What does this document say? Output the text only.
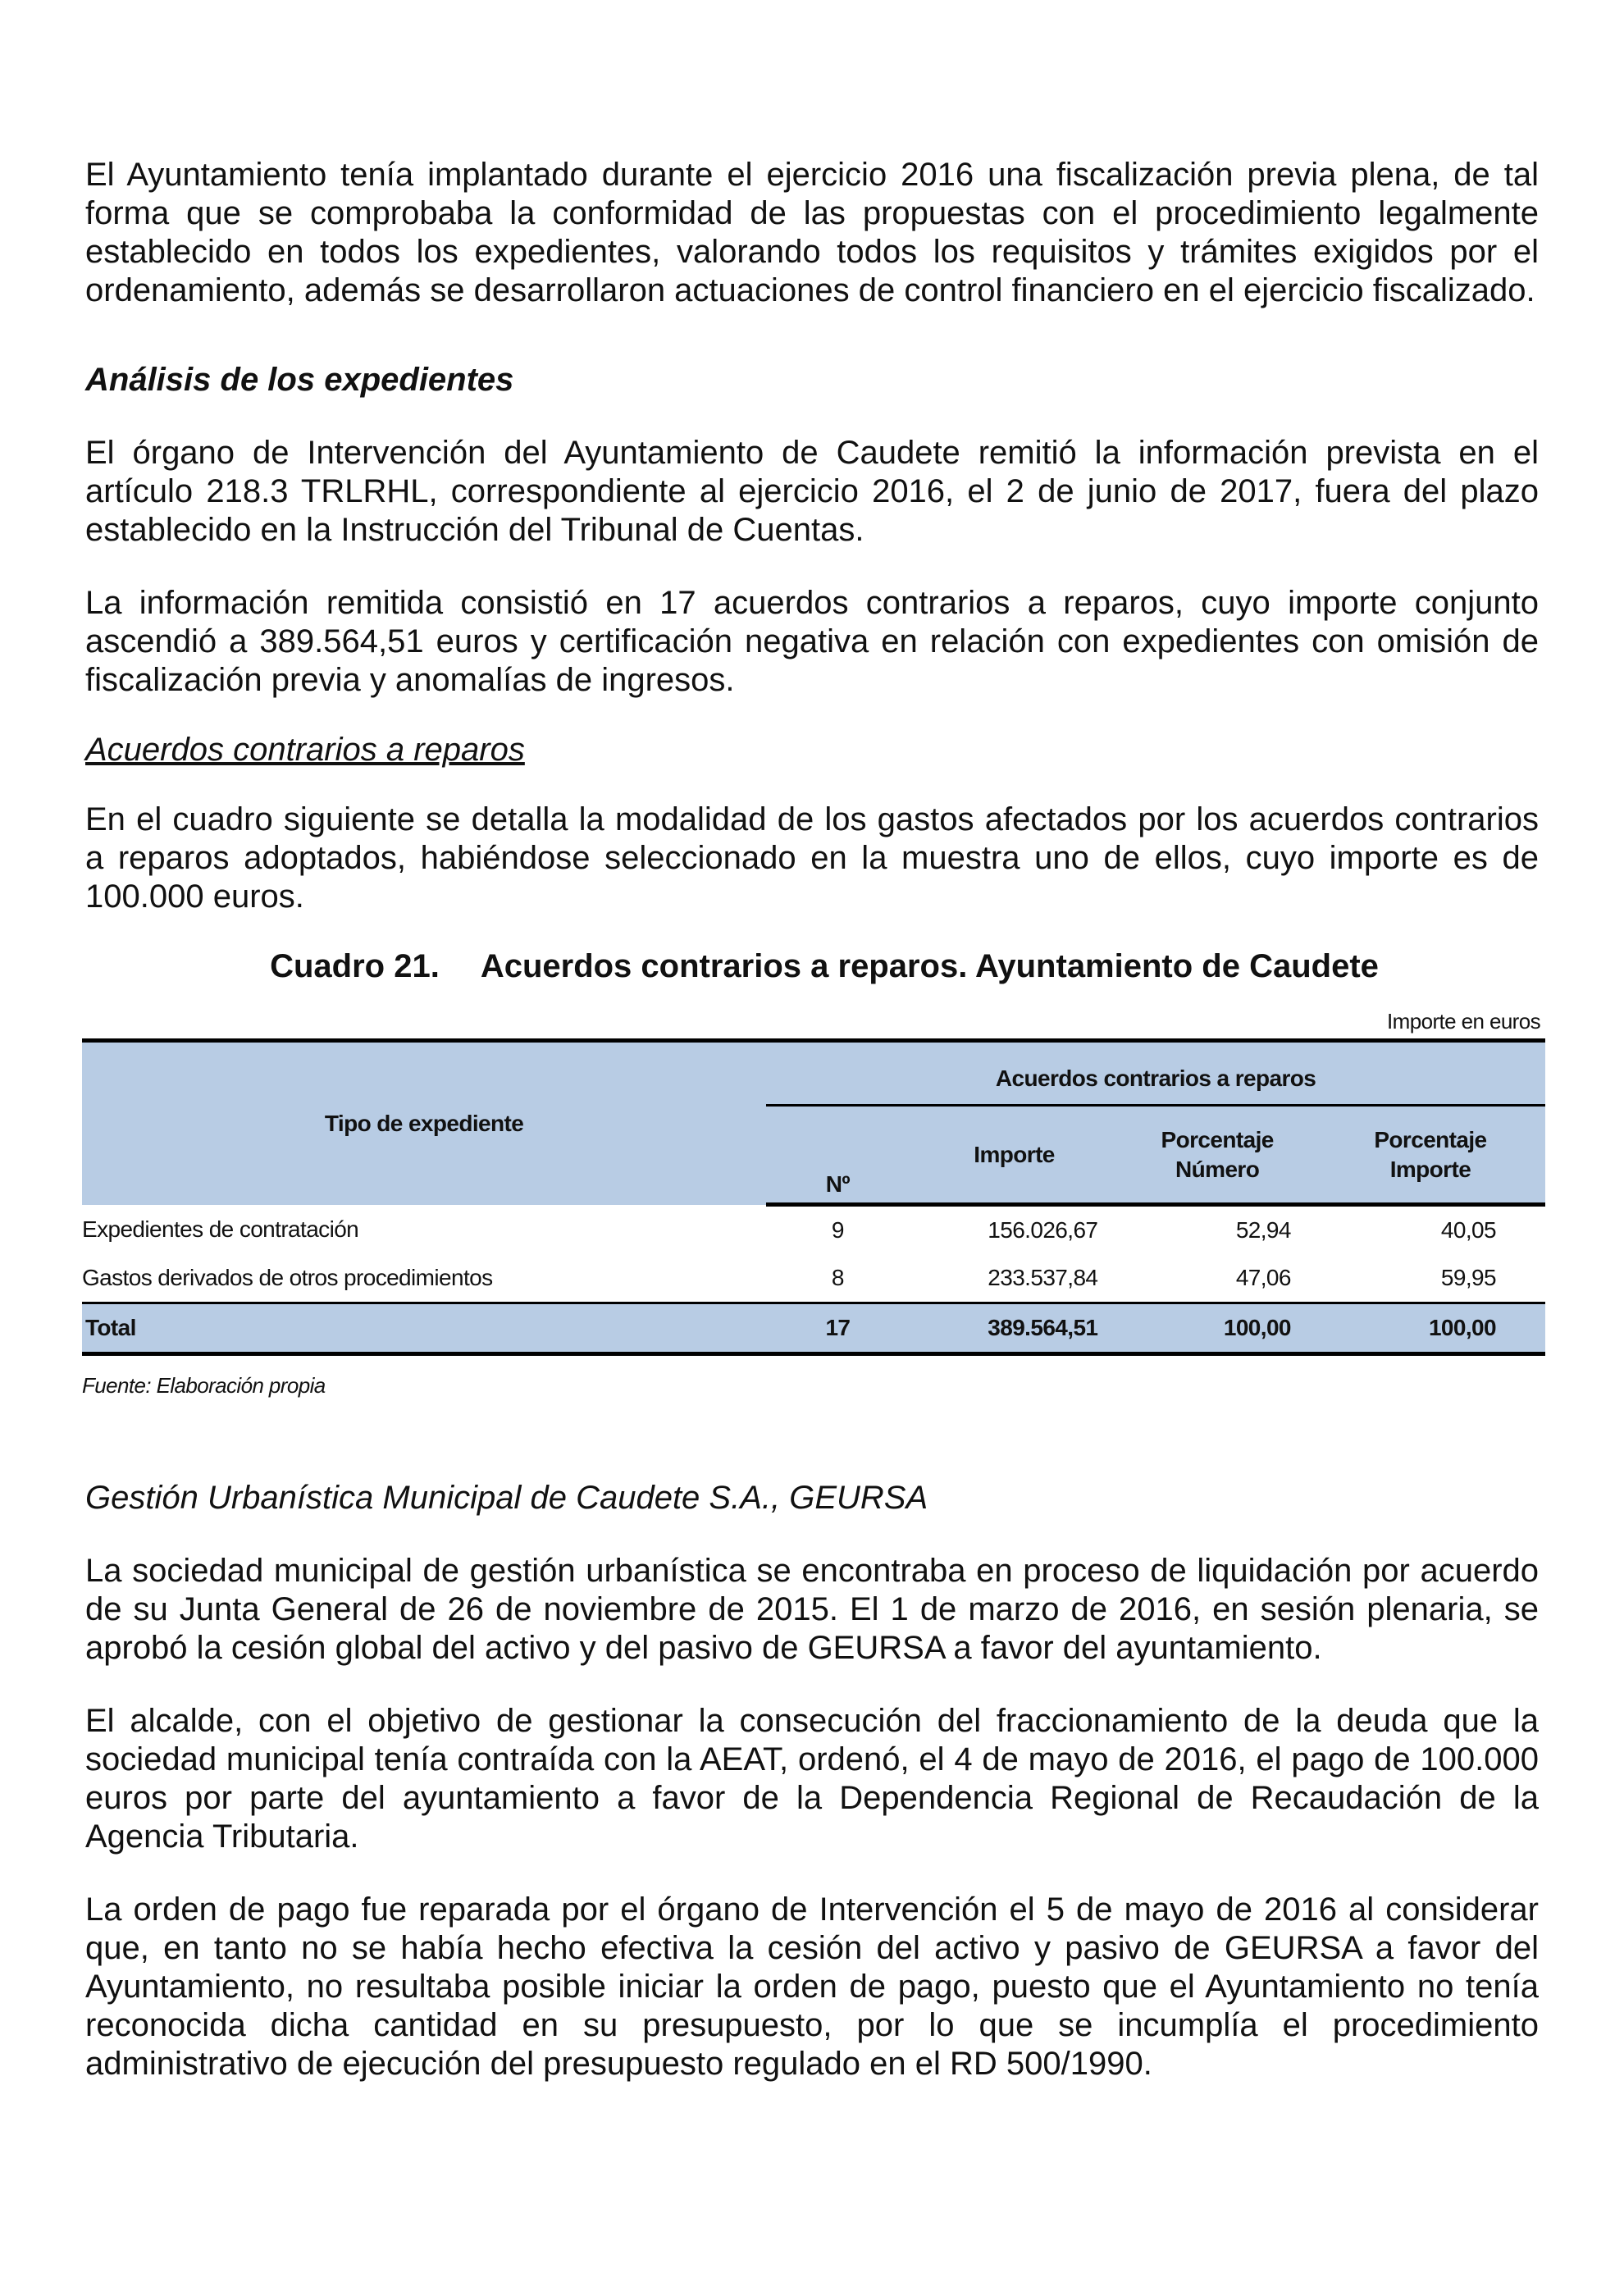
El Ayuntamiento tenía implantado durante el ejercicio 2016 una fiscalización previa plena, de tal forma que se comprobaba la conformidad de las propuestas con el procedimiento legalmente establecido en todos los expedientes, valorando todos los requisitos y trámites exigidos por el ordenamiento, además se desarrollaron actuaciones de control financiero en el ejercicio fiscalizado.

Análisis de los expedientes

El órgano de Intervención del Ayuntamiento de Caudete remitió la información prevista en el artículo 218.3 TRLRHL, correspondiente al ejercicio 2016, el 2 de junio de 2017, fuera del plazo establecido en la Instrucción del Tribunal de Cuentas.

La información remitida consistió en 17 acuerdos contrarios a reparos, cuyo importe conjunto ascendió a 389.564,51 euros y certificación negativa en relación con expedientes con omisión de fiscalización previa y anomalías de ingresos.

Acuerdos contrarios a reparos

En el cuadro siguiente se detalla la modalidad de los gastos afectados por los acuerdos contrarios a reparos adoptados, habiéndose seleccionado en la muestra uno de ellos, cuyo importe es de 100.000 euros.

Cuadro 21. Acuerdos contrarios a reparos. Ayuntamiento de Caudete

Importe en euros
Tipo de expediente	Acuerdos contrarios a reparos			
	Nº	Importe	Porcentaje Número	Porcentaje Importe
Expedientes de contratación	9	156.026,67	52,94	40,05
Gastos derivados de otros procedimientos	8	233.537,84	47,06	59,95
Total	17	389.564,51	100,00	100,00
Fuente: Elaboración propia

Gestión Urbanística Municipal de Caudete S.A., GEURSA

La sociedad municipal de gestión urbanística se encontraba en proceso de liquidación por acuerdo de su Junta General de 26 de noviembre de 2015. El 1 de marzo de 2016, en sesión plenaria, se aprobó la cesión global del activo y del pasivo de GEURSA a favor del ayuntamiento.

El alcalde, con el objetivo de gestionar la consecución del fraccionamiento de la deuda que la sociedad municipal tenía contraída con la AEAT, ordenó, el 4 de mayo de 2016, el pago de 100.000 euros por parte del ayuntamiento a favor de la Dependencia Regional de Recaudación de la Agencia Tributaria.

La orden de pago fue reparada por el órgano de Intervención el 5 de mayo de 2016 al considerar que, en tanto no se había hecho efectiva la cesión del activo y pasivo de GEURSA a favor del Ayuntamiento, no resultaba posible iniciar la orden de pago, puesto que el Ayuntamiento no tenía reconocida dicha cantidad en su presupuesto, por lo que se incumplía el procedimiento administrativo de ejecución del presupuesto regulado en el RD 500/1990.
